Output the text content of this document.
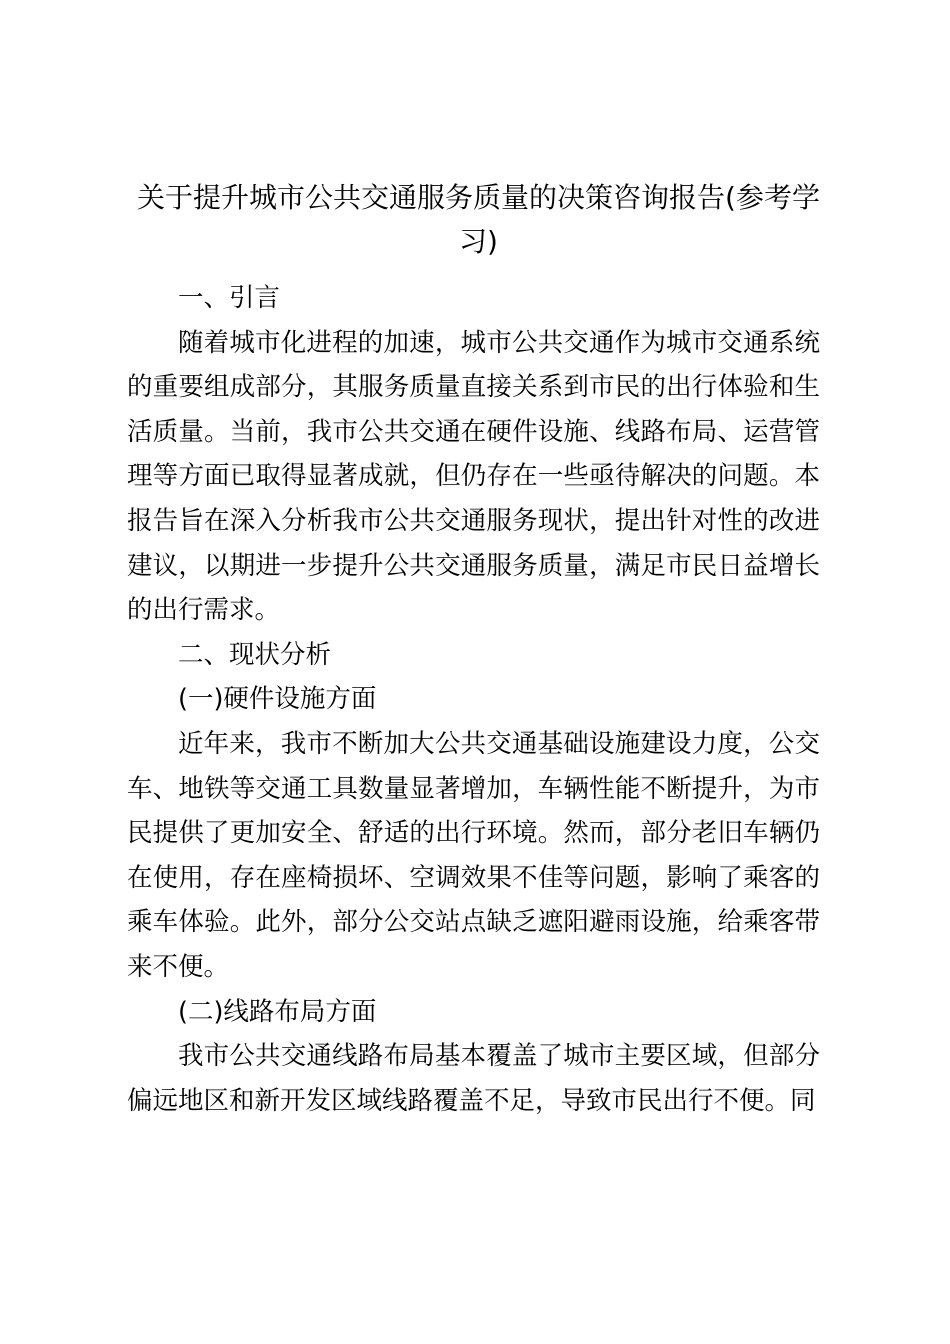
关于提升城市公共交通服务质量的决策咨询报告(参考学习)

一、引言

随着城市化进程的加速，城市公共交通作为城市交通系统的重要组成部分，其服务质量直接关系到市民的出行体验和生活质量。当前，我市公共交通在硬件设施、线路布局、运营管理等方面已取得显著成就，但仍存在一些亟待解决的问题。本报告旨在深入分析我市公共交通服务现状，提出针对性的改进建议，以期进一步提升公共交通服务质量，满足市民日益增长的出行需求。

二、现状分析

(一)硬件设施方面

近年来，我市不断加大公共交通基础设施建设力度，公交车、地铁等交通工具数量显著增加，车辆性能不断提升，为市民提供了更加安全、舒适的出行环境。然而，部分老旧车辆仍在使用，存在座椅损坏、空调效果不佳等问题，影响了乘客的乘车体验。此外，部分公交站点缺乏遮阳避雨设施，给乘客带来不便。

(二)线路布局方面

我市公共交通线路布局基本覆盖了城市主要区域，但部分偏远地区和新开发区域线路覆盖不足，导致市民出行不便。同
